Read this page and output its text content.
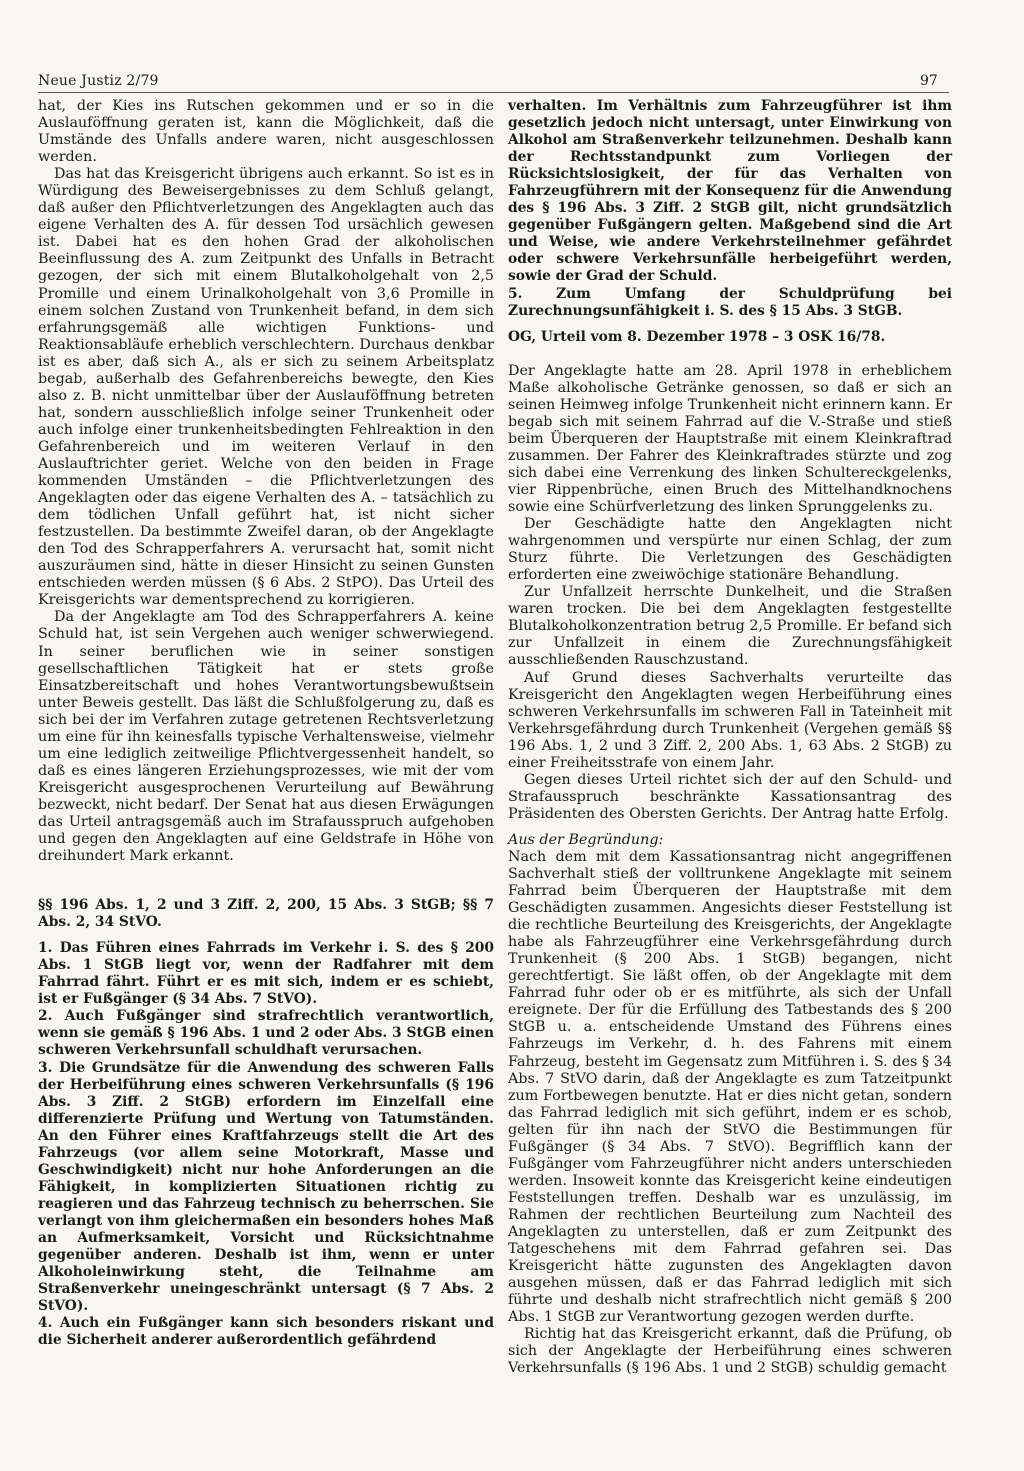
Neue Justiz 2/79	97

hat, der Kies ins Rutschen gekommen und er so in die Auslauföffnung geraten ist, kann die Möglichkeit, daß die Umstände des Unfalls andere waren, nicht ausgeschlossen werden.

Das hat das Kreisgericht übrigens auch erkannt. So ist es in Würdigung des Beweisergebnisses zu dem Schluß gelangt, daß außer den Pflichtverletzungen des Angeklagten auch das eigene Verhalten des A. für dessen Tod ursächlich gewesen ist. Dabei hat es den hohen Grad der alkoholischen Beeinflussung des A. zum Zeitpunkt des Unfalls in Betracht gezogen, der sich mit einem Blutalkoholgehalt von 2,5 Promille und einem Urinalkoholgehalt von 3,6 Promille in einem solchen Zustand von Trunkenheit befand, in dem sich erfahrungsgemäß alle wichtigen Funktions- und Reaktionsabläufe erheblich verschlechtern. Durchaus denkbar ist es aber, daß sich A., als er sich zu seinem Arbeitsplatz begab, außerhalb des Gefahrenbereichs bewegte, den Kies also z. B. nicht unmittelbar über der Auslauföffnung betreten hat, sondern ausschließlich infolge seiner Trunkenheit oder auch infolge einer trunkenheitsbedingten Fehlreaktion in den Gefahrenbereich und im weiteren Verlauf in den Auslauftrichter geriet. Welche von den beiden in Frage kommenden Umständen – die Pflichtverletzungen des Angeklagten oder das eigene Verhalten des A. – tatsächlich zu dem tödlichen Unfall geführt hat, ist nicht sicher festzustellen. Da bestimmte Zweifel daran, ob der Angeklagte den Tod des Schrapperfahrers A. verursacht hat, somit nicht auszuräumen sind, hätte in dieser Hinsicht zu seinen Gunsten entschieden werden müssen (§ 6 Abs. 2 StPO). Das Urteil des Kreisgerichts war dementsprechend zu korrigieren.

Da der Angeklagte am Tod des Schrapperfahrers A. keine Schuld hat, ist sein Vergehen auch weniger schwerwiegend. In seiner beruflichen wie in seiner sonstigen gesellschaftlichen Tätigkeit hat er stets große Einsatzbereitschaft und hohes Verantwortungsbewußtsein unter Beweis gestellt. Das läßt die Schlußfolgerung zu, daß es sich bei der im Verfahren zutage getretenen Rechtsverletzung um eine für ihn keinesfalls typische Verhaltensweise, vielmehr um eine lediglich zeitweilige Pflichtvergessenheit handelt, so daß es eines längeren Erziehungsprozesses, wie mit der vom Kreisgericht ausgesprochenen Verurteilung auf Bewährung bezweckt, nicht bedarf. Der Senat hat aus diesen Erwägungen das Urteil antragsgemäß auch im Strafausspruch aufgehoben und gegen den Angeklagten auf eine Geldstrafe in Höhe von dreihundert Mark erkannt.

§§ 196 Abs. 1, 2 und 3 Ziff. 2, 200, 15 Abs. 3 StGB; §§ 7 Abs. 2, 34 StVO.

1. Das Führen eines Fahrrads im Verkehr i. S. des § 200 Abs. 1 StGB liegt vor, wenn der Radfahrer mit dem Fahrrad fährt. Führt er es mit sich, indem er es schiebt, ist er Fußgänger (§ 34 Abs. 7 StVO).

2. Auch Fußgänger sind strafrechtlich verantwortlich, wenn sie gemäß § 196 Abs. 1 und 2 oder Abs. 3 StGB einen schweren Verkehrsunfall schuldhaft verursachen.

3. Die Grundsätze für die Anwendung des schweren Falls der Herbeiführung eines schweren Verkehrsunfalls (§ 196 Abs. 3 Ziff. 2 StGB) erfordern im Einzelfall eine differenzierte Prüfung und Wertung von Tatumständen. An den Führer eines Kraftfahrzeugs stellt die Art des Fahrzeugs (vor allem seine Motorkraft, Masse und Geschwindigkeit) nicht nur hohe Anforderungen an die Fähigkeit, in komplizierten Situationen richtig zu reagieren und das Fahrzeug technisch zu beherrschen. Sie verlangt von ihm gleichermaßen ein besonders hohes Maß an Aufmerksamkeit, Vorsicht und Rücksichtnahme gegenüber anderen. Deshalb ist ihm, wenn er unter Alkoholeinwirkung steht, die Teilnahme am Straßenverkehr uneingeschränkt untersagt (§ 7 Abs. 2 StVO).

4. Auch ein Fußgänger kann sich besonders riskant und die Sicherheit anderer außerordentlich gefährdend

verhalten. Im Verhältnis zum Fahrzeugführer ist ihm gesetzlich jedoch nicht untersagt, unter Einwirkung von Alkohol am Straßenverkehr teilzunehmen. Deshalb kann der Rechtsstandpunkt zum Vorliegen der Rücksichtslosigkeit, der für das Verhalten von Fahrzeugführern mit der Konsequenz für die Anwendung des § 196 Abs. 3 Ziff. 2 StGB gilt, nicht grundsätzlich gegenüber Fußgängern gelten. Maßgebend sind die Art und Weise, wie andere Verkehrsteilnehmer gefährdet oder schwere Verkehrsunfälle herbeigeführt werden, sowie der Grad der Schuld.

5. Zum Umfang der Schuldprüfung bei Zurechnungsunfähigkeit i. S. des § 15 Abs. 3 StGB.

OG, Urteil vom 8. Dezember 1978 – 3 OSK 16/78.

Der Angeklagte hatte am 28. April 1978 in erheblichem Maße alkoholische Getränke genossen, so daß er sich an seinen Heimweg infolge Trunkenheit nicht erinnern kann. Er begab sich mit seinem Fahrrad auf die V.-Straße und stieß beim Überqueren der Hauptstraße mit einem Kleinkraftrad zusammen. Der Fahrer des Kleinkraftrades stürzte und zog sich dabei eine Verrenkung des linken Schultereckgelenks, vier Rippenbrüche, einen Bruch des Mittelhandknochens sowie eine Schürfverletzung des linken Sprunggelenks zu.

Der Geschädigte hatte den Angeklagten nicht wahrgenommen und verspürte nur einen Schlag, der zum Sturz führte. Die Verletzungen des Geschädigten erforderten eine zweiwöchige stationäre Behandlung.

Zur Unfallzeit herrschte Dunkelheit, und die Straßen waren trocken. Die bei dem Angeklagten festgestellte Blutalkoholkonzentration betrug 2,5 Promille. Er befand sich zur Unfallzeit in einem die Zurechnungsfähigkeit ausschließenden Rauschzustand.

Auf Grund dieses Sachverhalts verurteilte das Kreisgericht den Angeklagten wegen Herbeiführung eines schweren Verkehrsunfalls im schweren Fall in Tateinheit mit Verkehrsgefährdung durch Trunkenheit (Vergehen gemäß §§ 196 Abs. 1, 2 und 3 Ziff. 2, 200 Abs. 1, 63 Abs. 2 StGB) zu einer Freiheitsstrafe von einem Jahr.

Gegen dieses Urteil richtet sich der auf den Schuld- und Strafausspruch beschränkte Kassationsantrag des Präsidenten des Obersten Gerichts. Der Antrag hatte Erfolg.

Aus der Begründung:

Nach dem mit dem Kassationsantrag nicht angegriffenen Sachverhalt stieß der volltrunkene Angeklagte mit seinem Fahrrad beim Überqueren der Hauptstraße mit dem Geschädigten zusammen. Angesichts dieser Feststellung ist die rechtliche Beurteilung des Kreisgerichts, der Angeklagte habe als Fahrzeugführer eine Verkehrsgefährdung durch Trunkenheit (§ 200 Abs. 1 StGB) begangen, nicht gerechtfertigt. Sie läßt offen, ob der Angeklagte mit dem Fahrrad fuhr oder ob er es mitführte, als sich der Unfall ereignete. Der für die Erfüllung des Tatbestands des § 200 StGB u. a. entscheidende Umstand des Führens eines Fahrzeugs im Verkehr, d. h. des Fahrens mit einem Fahrzeug, besteht im Gegensatz zum Mitführen i. S. des § 34 Abs. 7 StVO darin, daß der Angeklagte es zum Tatzeitpunkt zum Fortbewegen benutzte. Hat er dies nicht getan, sondern das Fahrrad lediglich mit sich geführt, indem er es schob, gelten für ihn nach der StVO die Bestimmungen für Fußgänger (§ 34 Abs. 7 StVO). Begrifflich kann der Fußgänger vom Fahrzeugführer nicht anders unterschieden werden. Insoweit konnte das Kreisgericht keine eindeutigen Feststellungen treffen. Deshalb war es unzulässig, im Rahmen der rechtlichen Beurteilung zum Nachteil des Angeklagten zu unterstellen, daß er zum Zeitpunkt des Tatgeschehens mit dem Fahrrad gefahren sei. Das Kreisgericht hätte zugunsten des Angeklagten davon ausgehen müssen, daß er das Fahrrad lediglich mit sich führte und deshalb nicht strafrechtlich nicht gemäß § 200 Abs. 1 StGB zur Verantwortung gezogen werden durfte.

Richtig hat das Kreisgericht erkannt, daß die Prüfung, ob sich der Angeklagte der Herbeiführung eines schweren Verkehrsunfalls (§ 196 Abs. 1 und 2 StGB) schuldig gemacht
